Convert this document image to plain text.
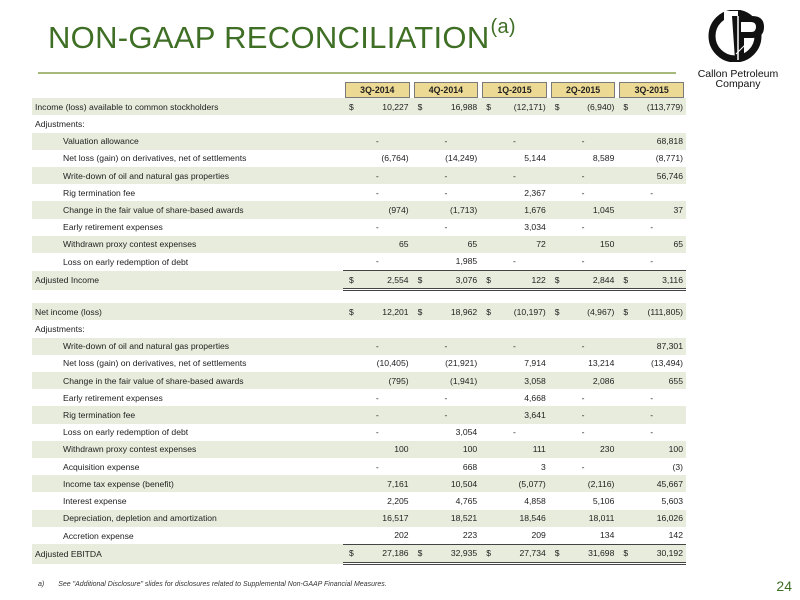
NON-GAAP RECONCILIATION$^{(a)}$
Callon Petroleum
Company

	3Q-2014	4Q-2014	1Q-2015	2Q-2015	3Q-2015

Income (loss) available to common stockholders	$ 10,227	$ 16,988	$ (12,171)	$ (6,940)	$ (113,779)
Adjustments:					
Valuation allowance	-	-	-	-	68,818
Net loss (gain) on derivatives, net of settlements	(6,764)	(14,249)	5,144	8,589	(8,771)
Write-down of oil and natural gas properties	-	-	-	-	56,746
Rig termination fee	-	-	2,367	-	-
Change in the fair value of share-based awards	(974)	(1,713)	1,676	1,045	37
Early retirement expenses	-	-	3,034	-	-
Withdrawn proxy contest expenses	65	65	72	150	65
Loss on early redemption of debt	-	1,985	-	-	-
Adjusted Income	$ 2,554	$ 3,076	$ 122	$ 2,844	$ 3,116

Net income (loss)	$ 12,201	$ 18,962	$ (10,197)	$ (4,967)	$ (111,805)
Adjustments:					
Write-down of oil and natural gas properties	-	-	-	-	87,301
Net loss (gain) on derivatives, net of settlements	(10,405)	(21,921)	7,914	13,214	(13,494)
Change in the fair value of share-based awards	(795)	(1,941)	3,058	2,086	655
Early retirement expenses	-	-	4,668	-	-
Rig termination fee	-	-	3,641	-	-
Loss on early redemption of debt	-	3,054	-	-	-
Withdrawn proxy contest expenses	100	100	111	230	100
Acquisition expense	-	668	3	-	(3)
Income tax expense (benefit)	7,161	10,504	(5,077)	(2,116)	45,667
Interest expense	2,205	4,765	4,858	5,106	5,603
Depreciation, depletion and amortization	16,517	18,521	18,546	18,011	16,026
Accretion expense	202	223	209	134	142
Adjusted EBITDA	$ 27,186	$ 32,935	$ 27,734	$ 31,698	$ 30,192
a) See "Additional Disclosure" slides for disclosures related to Supplemental Non-GAAP Financial Measures.	24
